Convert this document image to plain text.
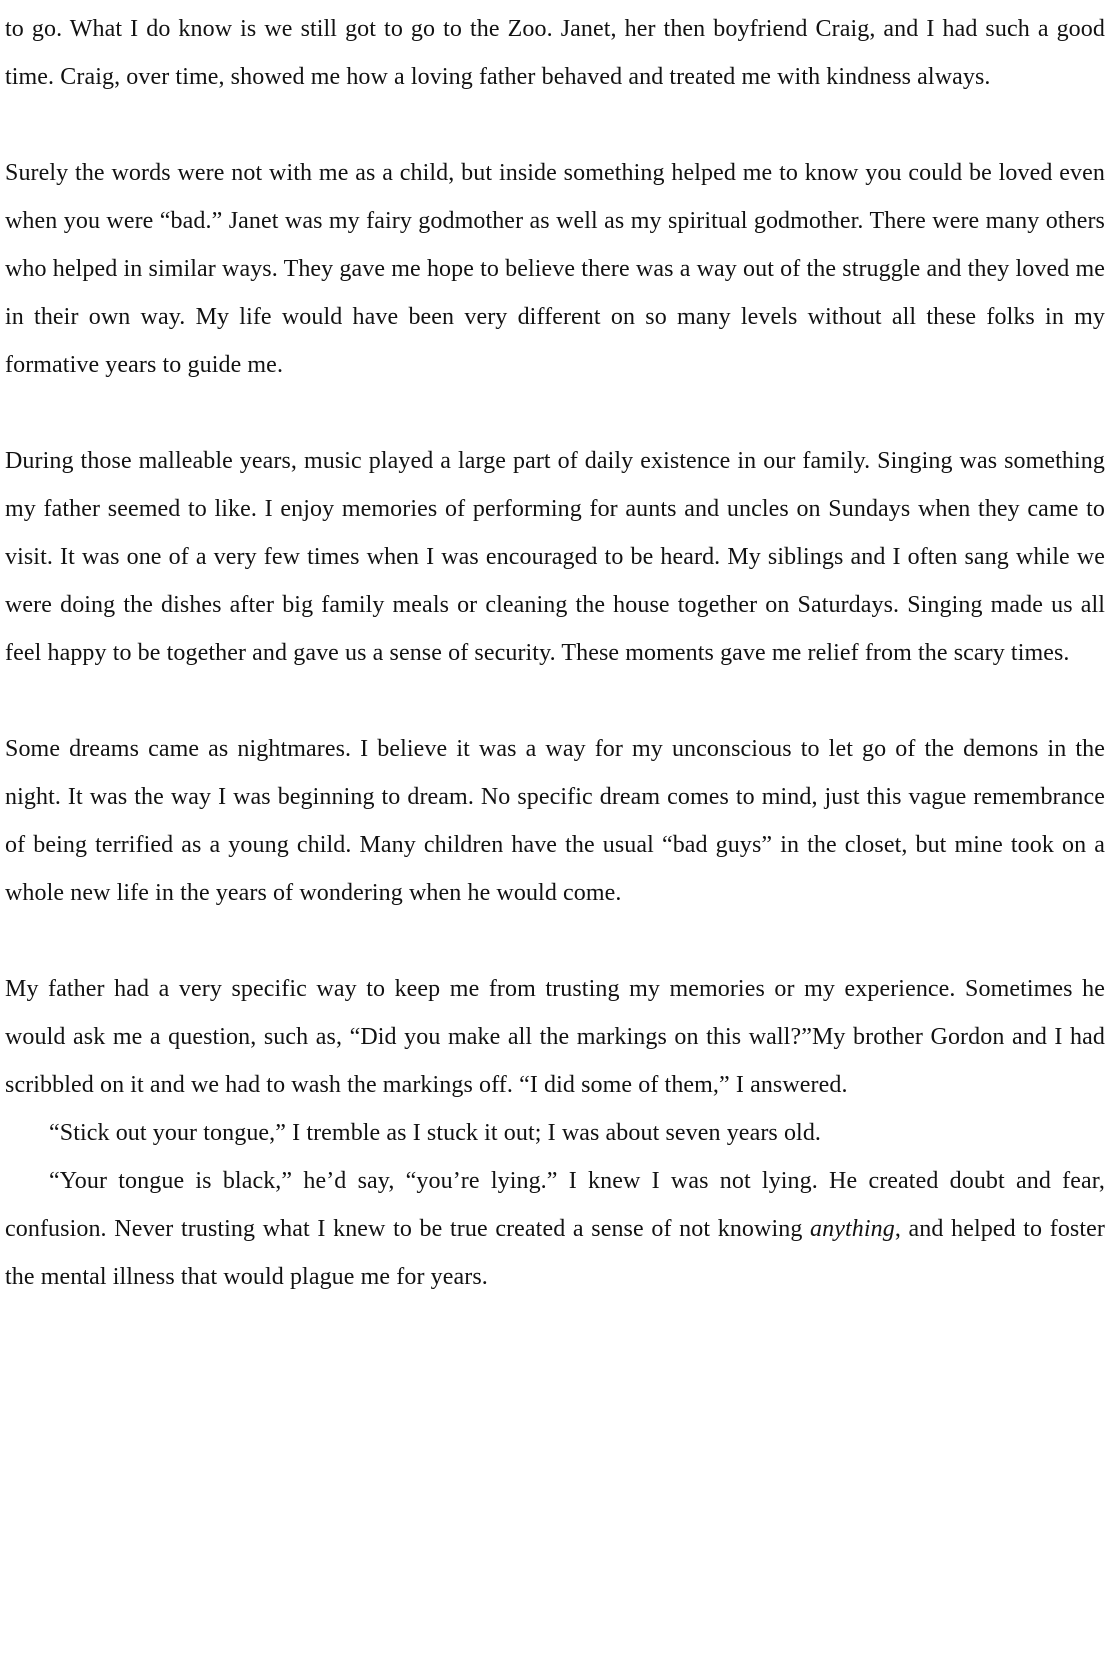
to go. What I do know is we still got to go to the Zoo. Janet, her then boyfriend Craig, and I had such a good time. Craig, over time, showed me how a loving father behaved and treated me with kindness always.

Surely the words were not with me as a child, but inside something helped me to know you could be loved even when you were “bad.” Janet was my fairy godmother as well as my spiritual godmother. There were many others who helped in similar ways. They gave me hope to believe there was a way out of the struggle and they loved me in their own way. My life would have been very different on so many levels without all these folks in my formative years to guide me.

During those malleable years, music played a large part of daily existence in our family. Singing was something my father seemed to like. I enjoy memories of performing for aunts and uncles on Sundays when they came to visit. It was one of a very few times when I was encouraged to be heard. My siblings and I often sang while we were doing the dishes after big family meals or cleaning the house together on Saturdays. Singing made us all feel happy to be together and gave us a sense of security. These moments gave me relief from the scary times.

Some dreams came as nightmares. I believe it was a way for my unconscious to let go of the demons in the night. It was the way I was beginning to dream. No specific dream comes to mind, just this vague remembrance of being terrified as a young child. Many children have the usual “bad guys” in the closet, but mine took on a whole new life in the years of wondering when he would come.

My father had a very specific way to keep me from trusting my memories or my experience. Sometimes he would ask me a question, such as, “Did you make all the markings on this wall?”My brother Gordon and I had scribbled on it and we had to wash the markings off. “I did some of them,” I answered.

“Stick out your tongue,” I tremble as I stuck it out; I was about seven years old.

“Your tongue is black,” he’d say, “you’re lying.” I knew I was not lying. He created doubt and fear, confusion. Never trusting what I knew to be true created a sense of not knowing anything, and helped to foster the mental illness that would plague me for years.
